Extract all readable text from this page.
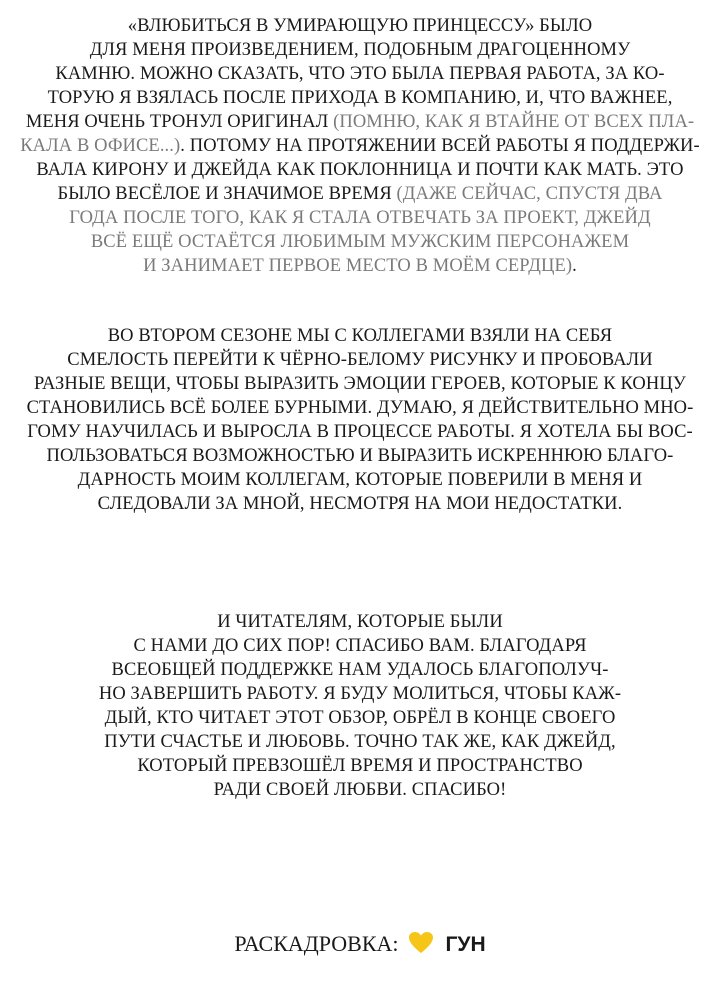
«ВЛЮБИТЬСЯ В УМИРАЮЩУЮ ПРИНЦЕССУ» БЫЛО
ДЛЯ МЕНЯ ПРОИЗВЕДЕНИЕМ, ПОДОБНЫМ ДРАГОЦЕННОМУ
КАМНЮ. МОЖНО СКАЗАТЬ, ЧТО ЭТО БЫЛА ПЕРВАЯ РАБОТА, ЗА КО-
ТОРУЮ Я ВЗЯЛАСЬ ПОСЛЕ ПРИХОДА В КОМПАНИЮ, И, ЧТО ВАЖНЕЕ,
МЕНЯ ОЧЕНЬ ТРОНУЛ ОРИГИНАЛ (ПОМНЮ, КАК Я ВТАЙНЕ ОТ ВСЕХ ПЛА-
КАЛА В ОФИСЕ...). ПОТОМУ НА ПРОТЯЖЕНИИ ВСЕЙ РАБОТЫ Я ПОДДЕРЖИ-
ВАЛА КИРОНУ И ДЖЕЙДА КАК ПОКЛОННИЦА И ПОЧТИ КАК МАТЬ. ЭТО
БЫЛО ВЕСЁЛОЕ И ЗНАЧИМОЕ ВРЕМЯ (ДАЖЕ СЕЙЧАС, СПУСТЯ ДВА
ГОДА ПОСЛЕ ТОГО, КАК Я СТАЛА ОТВЕЧАТЬ ЗА ПРОЕКТ, ДЖЕЙД
ВСЁ ЕЩЁ ОСТАЁТСЯ ЛЮБИМЫМ МУЖСКИМ ПЕРСОНАЖЕМ
И ЗАНИМАЕТ ПЕРВОЕ МЕСТО В МОЁМ СЕРДЦЕ).
ВО ВТОРОМ СЕЗОНЕ МЫ С КОЛЛЕГАМИ ВЗЯЛИ НА СЕБЯ
СМЕЛОСТЬ ПЕРЕЙТИ К ЧЁРНО-БЕЛОМУ РИСУНКУ И ПРОБОВАЛИ
РАЗНЫЕ ВЕЩИ, ЧТОБЫ ВЫРАЗИТЬ ЭМОЦИИ ГЕРОЕВ, КОТОРЫЕ К КОНЦУ
СТАНОВИЛИСЬ ВСЁ БОЛЕЕ БУРНЫМИ. ДУМАЮ, Я ДЕЙСТВИТЕЛЬНО МНО-
ГОМУ НАУЧИЛАСЬ И ВЫРОСЛА В ПРОЦЕССЕ РАБОТЫ. Я ХОТЕЛА БЫ ВОС-
ПОЛЬЗОВАТЬСЯ ВОЗМОЖНОСТЬЮ И ВЫРАЗИТЬ ИСКРЕННЮЮ БЛАГО-
ДАРНОСТЬ МОИМ КОЛЛЕГАМ, КОТОРЫЕ ПОВЕРИЛИ В МЕНЯ И
СЛЕДОВАЛИ ЗА МНОЙ, НЕСМОТРЯ НА МОИ НЕДОСТАТКИ.
И ЧИТАТЕЛЯМ, КОТОРЫЕ БЫЛИ
С НАМИ ДО СИХ ПОР! СПАСИБО ВАМ. БЛАГОДАРЯ
ВСЕОБЩЕЙ ПОДДЕРЖКЕ НАМ УДАЛОСЬ БЛАГОПОЛУЧ-
НО ЗАВЕРШИТЬ РАБОТУ. Я БУДУ МОЛИТЬСЯ, ЧТОБЫ КАЖ-
ДЫЙ, КТО ЧИТАЕТ ЭТОТ ОБЗОР, ОБРЁЛ В КОНЦЕ СВОЕГО
ПУТИ СЧАСТЬЕ И ЛЮБОВЬ. ТОЧНО ТАК ЖЕ, КАК ДЖЕЙД,
КОТОРЫЙ ПРЕВЗОШЁЛ ВРЕМЯ И ПРОСТРАНСТВО
РАДИ СВОЕЙ ЛЮБВИ. СПАСИБО!
РАСКАДРОВКА: ГУН
